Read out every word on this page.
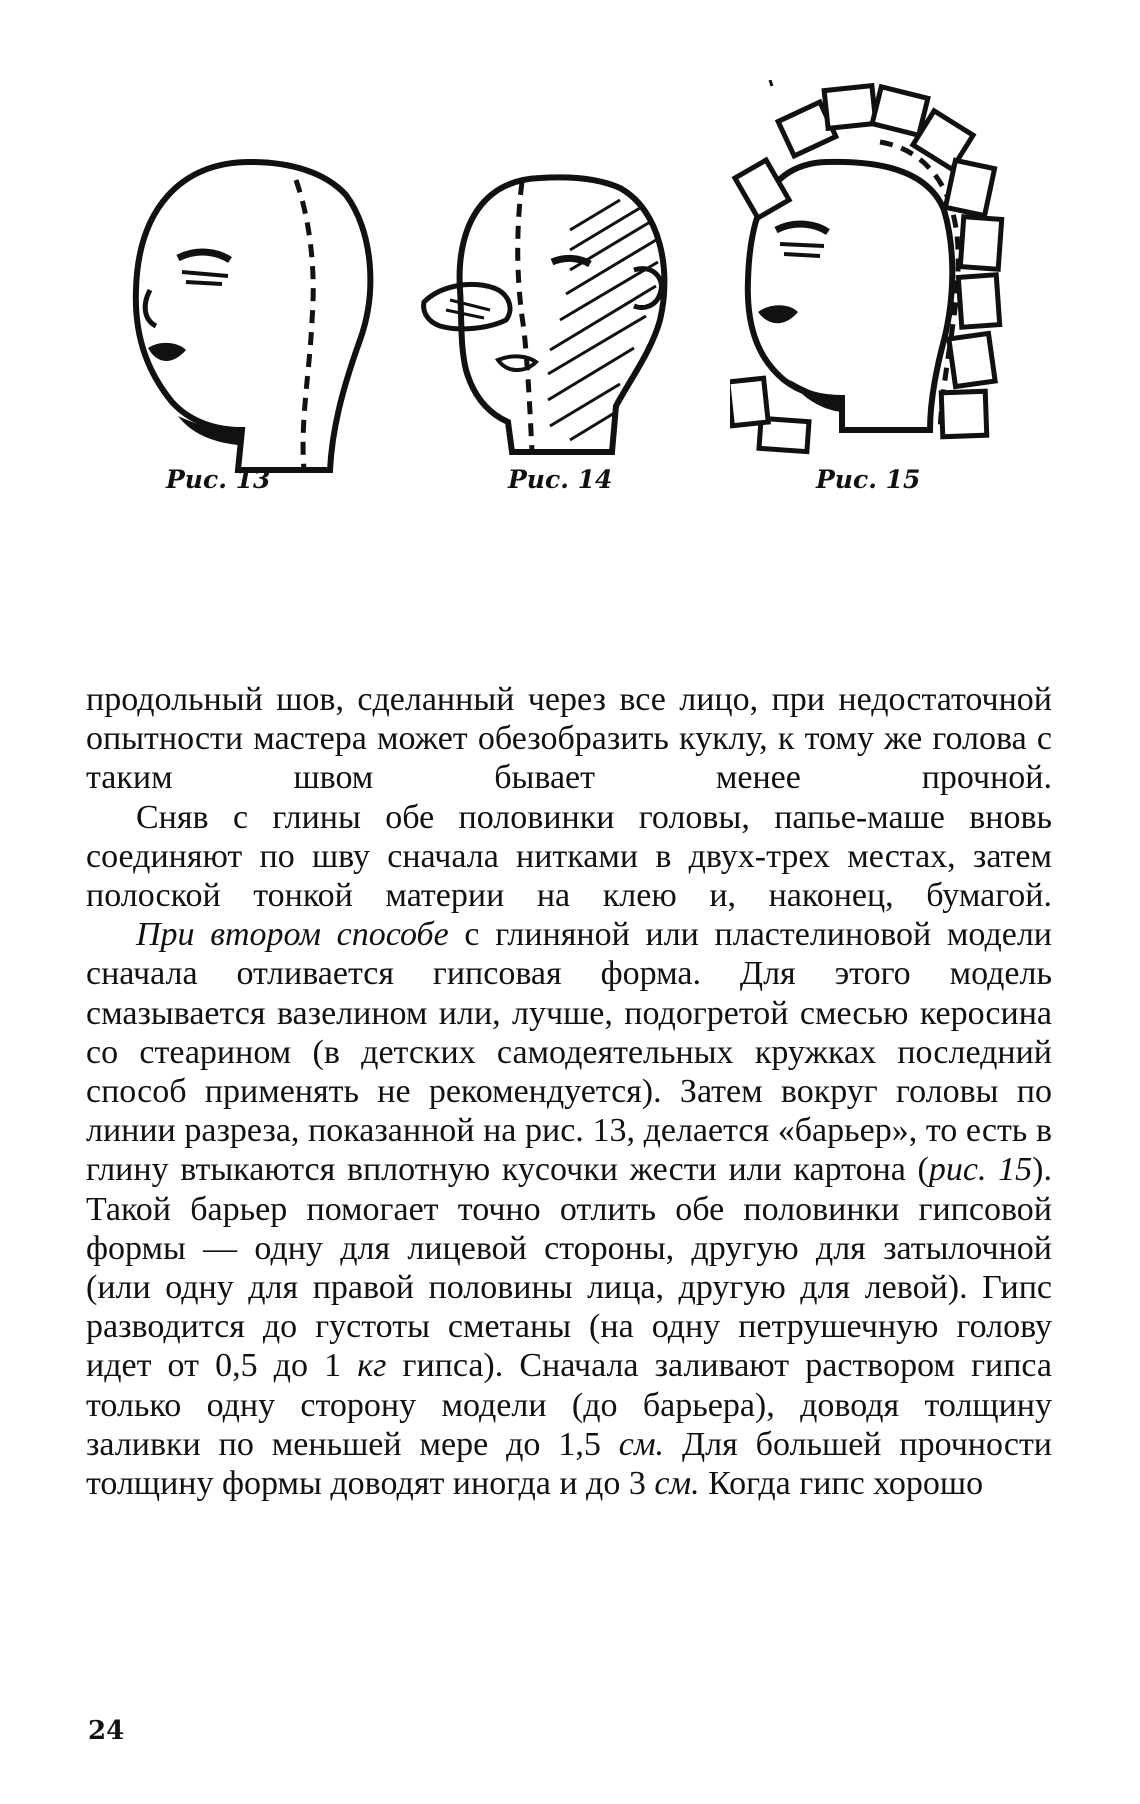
Рис. 13	Рис. 14	Рис. 15

продольный шов, сделанный через все лицо, при недостаточной опытности мастера может обезобразить куклу, к тому же голова с таким швом бывает менее прочной.

Сняв с глины обе половинки головы, папье-маше вновь соединяют по шву сначала нитками в двух-трех местах, затем полоской тонкой материи на клею и, наконец, бумагой.

При втором способе с глиняной или пластелиновой модели сначала отливается гипсовая форма. Для этого модель смазывается вазелином или, лучше, подогретой смесью керосина со стеарином (в детских самодеятельных кружках последний способ применять не рекомендуется). Затем вокруг головы по линии разреза, показанной на рис. 13, делается «барьер», то есть в глину втыкаются вплотную кусочки жести или картона (рис. 15). Такой барьер помогает точно отлить обе половинки гипсовой формы — одну для лицевой стороны, другую для затылочной (или одну для правой половины лица, другую для левой). Гипс разводится до густоты сметаны (на одну петрушечную голову идет от 0,5 до 1 кг гипса). Сначала заливают раствором гипса только одну сторону модели (до барьера), доводя толщину заливки по меньшей мере до 1,5 см. Для большей прочности толщину формы доводят иногда и до 3 см. Когда гипс хорошо

24
